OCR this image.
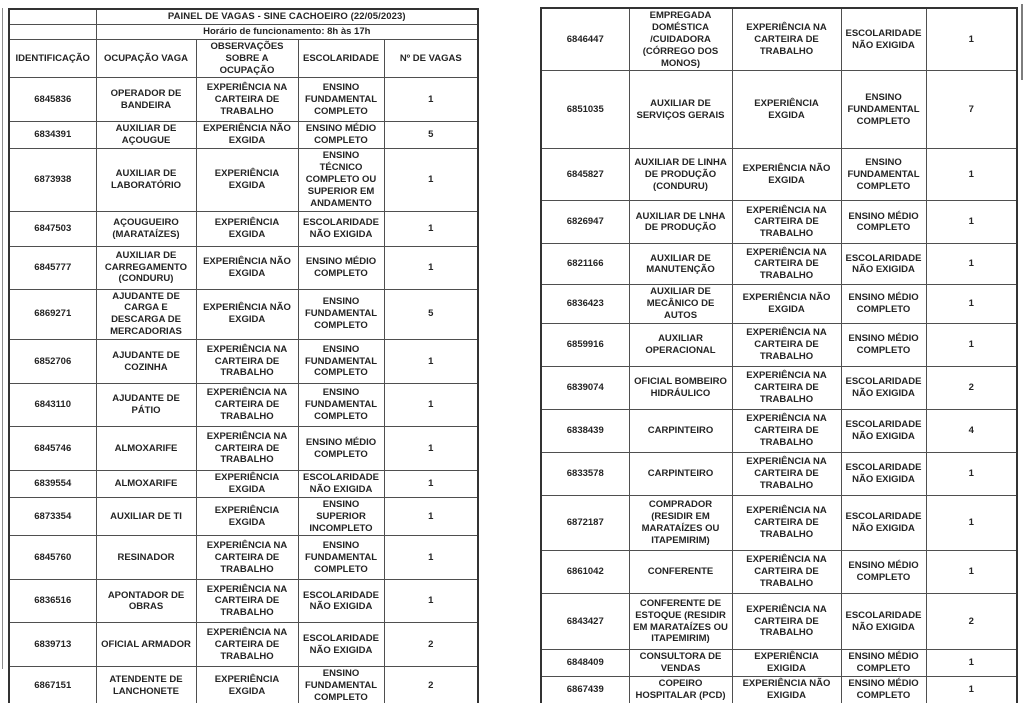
	PAINEL DE VAGAS - SINE CACHOEIRO (22/05/2023)			
	Horário de funcionamento: 8h às 17h			
IDENTIFICAÇÃO	OCUPAÇÃO VAGA	OBSERVAÇÕES SOBRE A OCUPAÇÃO	ESCOLARIDADE	Nº DE VAGAS
6845836	OPERADOR DE BANDEIRA	EXPERIÊNCIA NA CARTEIRA DE TRABALHO	ENSINO FUNDAMENTAL COMPLETO	1
6834391	AUXILIAR DE AÇOUGUE	EXPERIÊNCIA NÃO EXGIDA	ENSINO MÉDIO COMPLETO	5
6873938	AUXILIAR DE LABORATÓRIO	EXPERIÊNCIA EXGIDA	ENSINO TÉCNICO COMPLETO OU SUPERIOR EM ANDAMENTO	1
6847503	AÇOUGUEIRO (MARATAÍZES)	EXPERIÊNCIA EXGIDA	ESCOLARIDADE NÃO EXIGIDA	1
6845777	AUXILIAR DE CARREGAMENTO (CONDURU)	EXPERIÊNCIA NÃO EXGIDA	ENSINO MÉDIO COMPLETO	1
6869271	AJUDANTE DE CARGA E DESCARGA DE MERCADORIAS	EXPERIÊNCIA NÃO EXGIDA	ENSINO FUNDAMENTAL COMPLETO	5
6852706	AJUDANTE DE COZINHA	EXPERIÊNCIA NA CARTEIRA DE TRABALHO	ENSINO FUNDAMENTAL COMPLETO	1
6843110	AJUDANTE DE PÁTIO	EXPERIÊNCIA NA CARTEIRA DE TRABALHO	ENSINO FUNDAMENTAL COMPLETO	1
6845746	ALMOXARIFE	EXPERIÊNCIA NA CARTEIRA DE TRABALHO	ENSINO MÉDIO COMPLETO	1
6839554	ALMOXARIFE	EXPERIÊNCIA EXGIDA	ESCOLARIDADE NÃO EXIGIDA	1
6873354	AUXILIAR DE TI	EXPERIÊNCIA EXGIDA	ENSINO SUPERIOR INCOMPLETO	1
6845760	RESINADOR	EXPERIÊNCIA NA CARTEIRA DE TRABALHO	ENSINO FUNDAMENTAL COMPLETO	1
6836516	APONTADOR DE OBRAS	EXPERIÊNCIA NA CARTEIRA DE TRABALHO	ESCOLARIDADE NÃO EXIGIDA	1
6839713	OFICIAL ARMADOR	EXPERIÊNCIA NA CARTEIRA DE TRABALHO	ESCOLARIDADE NÃO EXIGIDA	2
6867151	ATENDENTE DE LANCHONETE	EXPERIÊNCIA EXGIDA	ENSINO FUNDAMENTAL COMPLETO	2
6846447	EMPREGADA DOMÉSTICA /CUIDADORA (CÓRREGO DOS MONOS)	EXPERIÊNCIA NA CARTEIRA DE TRABALHO	ESCOLARIDADE NÃO EXIGIDA	1
6851035	AUXILIAR DE SERVIÇOS GERAIS	EXPERIÊNCIA EXGIDA	ENSINO FUNDAMENTAL COMPLETO	7
6845827	AUXILIAR DE LINHA DE PRODUÇÃO (CONDURU)	EXPERIÊNCIA NÃO EXGIDA	ENSINO FUNDAMENTAL COMPLETO	1
6826947	AUXILIAR DE LNHA DE PRODUÇÃO	EXPERIÊNCIA NA CARTEIRA DE TRABALHO	ENSINO MÉDIO COMPLETO	1
6821166	AUXILIAR DE MANUTENÇÃO	EXPERIÊNCIA NA CARTEIRA DE TRABALHO	ESCOLARIDADE NÃO EXIGIDA	1
6836423	AUXILIAR DE MECÂNICO DE AUTOS	EXPERIÊNCIA NÃO EXGIDA	ENSINO MÉDIO COMPLETO	1
6859916	AUXILIAR OPERACIONAL	EXPERIÊNCIA NA CARTEIRA DE TRABALHO	ENSINO MÉDIO COMPLETO	1
6839074	OFICIAL BOMBEIRO HIDRÁULICO	EXPERIÊNCIA NA CARTEIRA DE TRABALHO	ESCOLARIDADE NÃO EXIGIDA	2
6838439	CARPINTEIRO	EXPERIÊNCIA NA CARTEIRA DE TRABALHO	ESCOLARIDADE NÃO EXIGIDA	4
6833578	CARPINTEIRO	EXPERIÊNCIA NA CARTEIRA DE TRABALHO	ESCOLARIDADE NÃO EXIGIDA	1
6872187	COMPRADOR (RESIDIR EM MARATAÍZES OU ITAPEMIRIM)	EXPERIÊNCIA NA CARTEIRA DE TRABALHO	ESCOLARIDADE NÃO EXIGIDA	1
6861042	CONFERENTE	EXPERIÊNCIA NA CARTEIRA DE TRABALHO	ENSINO MÉDIO COMPLETO	1
6843427	CONFERENTE DE ESTOQUE (RESIDIR EM MARATAÍZES OU ITAPEMIRIM)	EXPERIÊNCIA NA CARTEIRA DE TRABALHO	ESCOLARIDADE NÃO EXIGIDA	2
6848409	CONSULTORA DE VENDAS	EXPERIÊNCIA EXIGIDA	ENSINO MÉDIO COMPLETO	1
6867439	COPEIRO HOSPITALAR (PCD)	EXPERIÊNCIA NÃO EXIGIDA	ENSINO MÉDIO COMPLETO	1
